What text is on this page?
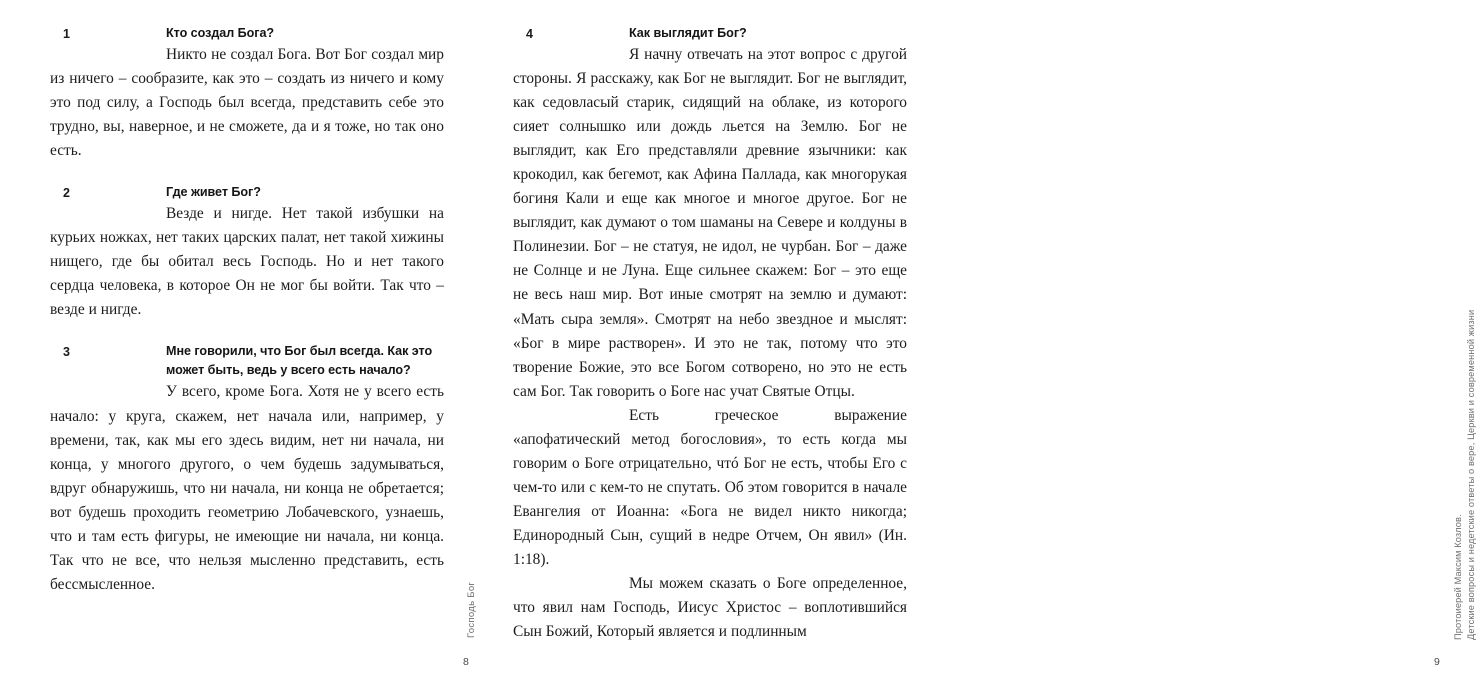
1	Кто создал Бога?

Никто не создал Бога. Вот Бог создал мир из ничего – сообразите, как это – создать из ничего и кому это под силу, а Господь был всегда, представить себе это трудно, вы, наверное, и не сможете, да и я тоже, но так оно есть.

2	Где живет Бог?

Везде и нигде. Нет такой избушки на курьих ножках, нет таких царских палат, нет такой хижины нищего, где бы обитал весь Господь. Но и нет такого сердца человека, в которое Он не мог бы войти. Так что – везде и нигде.

3	Мне говорили, что Бог был всегда. Как это может быть, ведь у всего есть начало?

У всего, кроме Бога. Хотя не у всего есть начало: у круга, скажем, нет начала или, например, у времени, так, как мы его здесь видим, нет ни начала, ни конца, у многого другого, о чем будешь задумываться, вдруг обнаружишь, что ни начала, ни конца не обретается; вот будешь проходить геометрию Лобачевского, узнаешь, что и там есть фигуры, не имеющие ни начала, ни конца. Так что не все, что нельзя мысленно представить, есть бессмысленное.	Господь Бог
8
4	Как выглядит Бог?

Я начну отвечать на этот вопрос с другой стороны. Я расскажу, как Бог не выглядит. Бог не выглядит, как седовласый старик, сидящий на облаке, из которого сияет солнышко или дождь льется на Землю. Бог не выглядит, как Его представляли древние язычники: как крокодил, как бегемот, как Афина Паллада, как многорукая богиня Кали и еще как многое и многое другое. Бог не выглядит, как думают о том шаманы на Севере и колдуны в Полинезии. Бог – не статуя, не идол, не чурбан. Бог – даже не Солнце и не Луна. Еще сильнее скажем: Бог – это еще не весь наш мир. Вот иные смотрят на землю и думают: «Мать сыра земля». Смотрят на небо звездное и мыслят: «Бог в мире растворен». И это не так, потому что это творение Божие, это все Богом сотворено, но это не есть сам Бог. Так говорить о Боге нас учат Святые Отцы.

Есть греческое выражение «апофатический метод богословия», то есть когда мы говорим о Боге отрицательно, чтó Бог не есть, чтобы Его с чем-то или с кем-то не спутать. Об этом говорится в начале Евангелия от Иоанна: «Бога не видел никто никогда; Единородный Сын, сущий в недре Отчем, Он явил» (Ин. 1:18).

Мы можем сказать о Боге определенное, что явил нам Господь, Иисус Христос – воплотившийся Сын Божий, Который является и подлинным	Протоиерей Максим Козлов. Детские вопросы и недетские ответы о вере, Церкви и современной жизни
9
